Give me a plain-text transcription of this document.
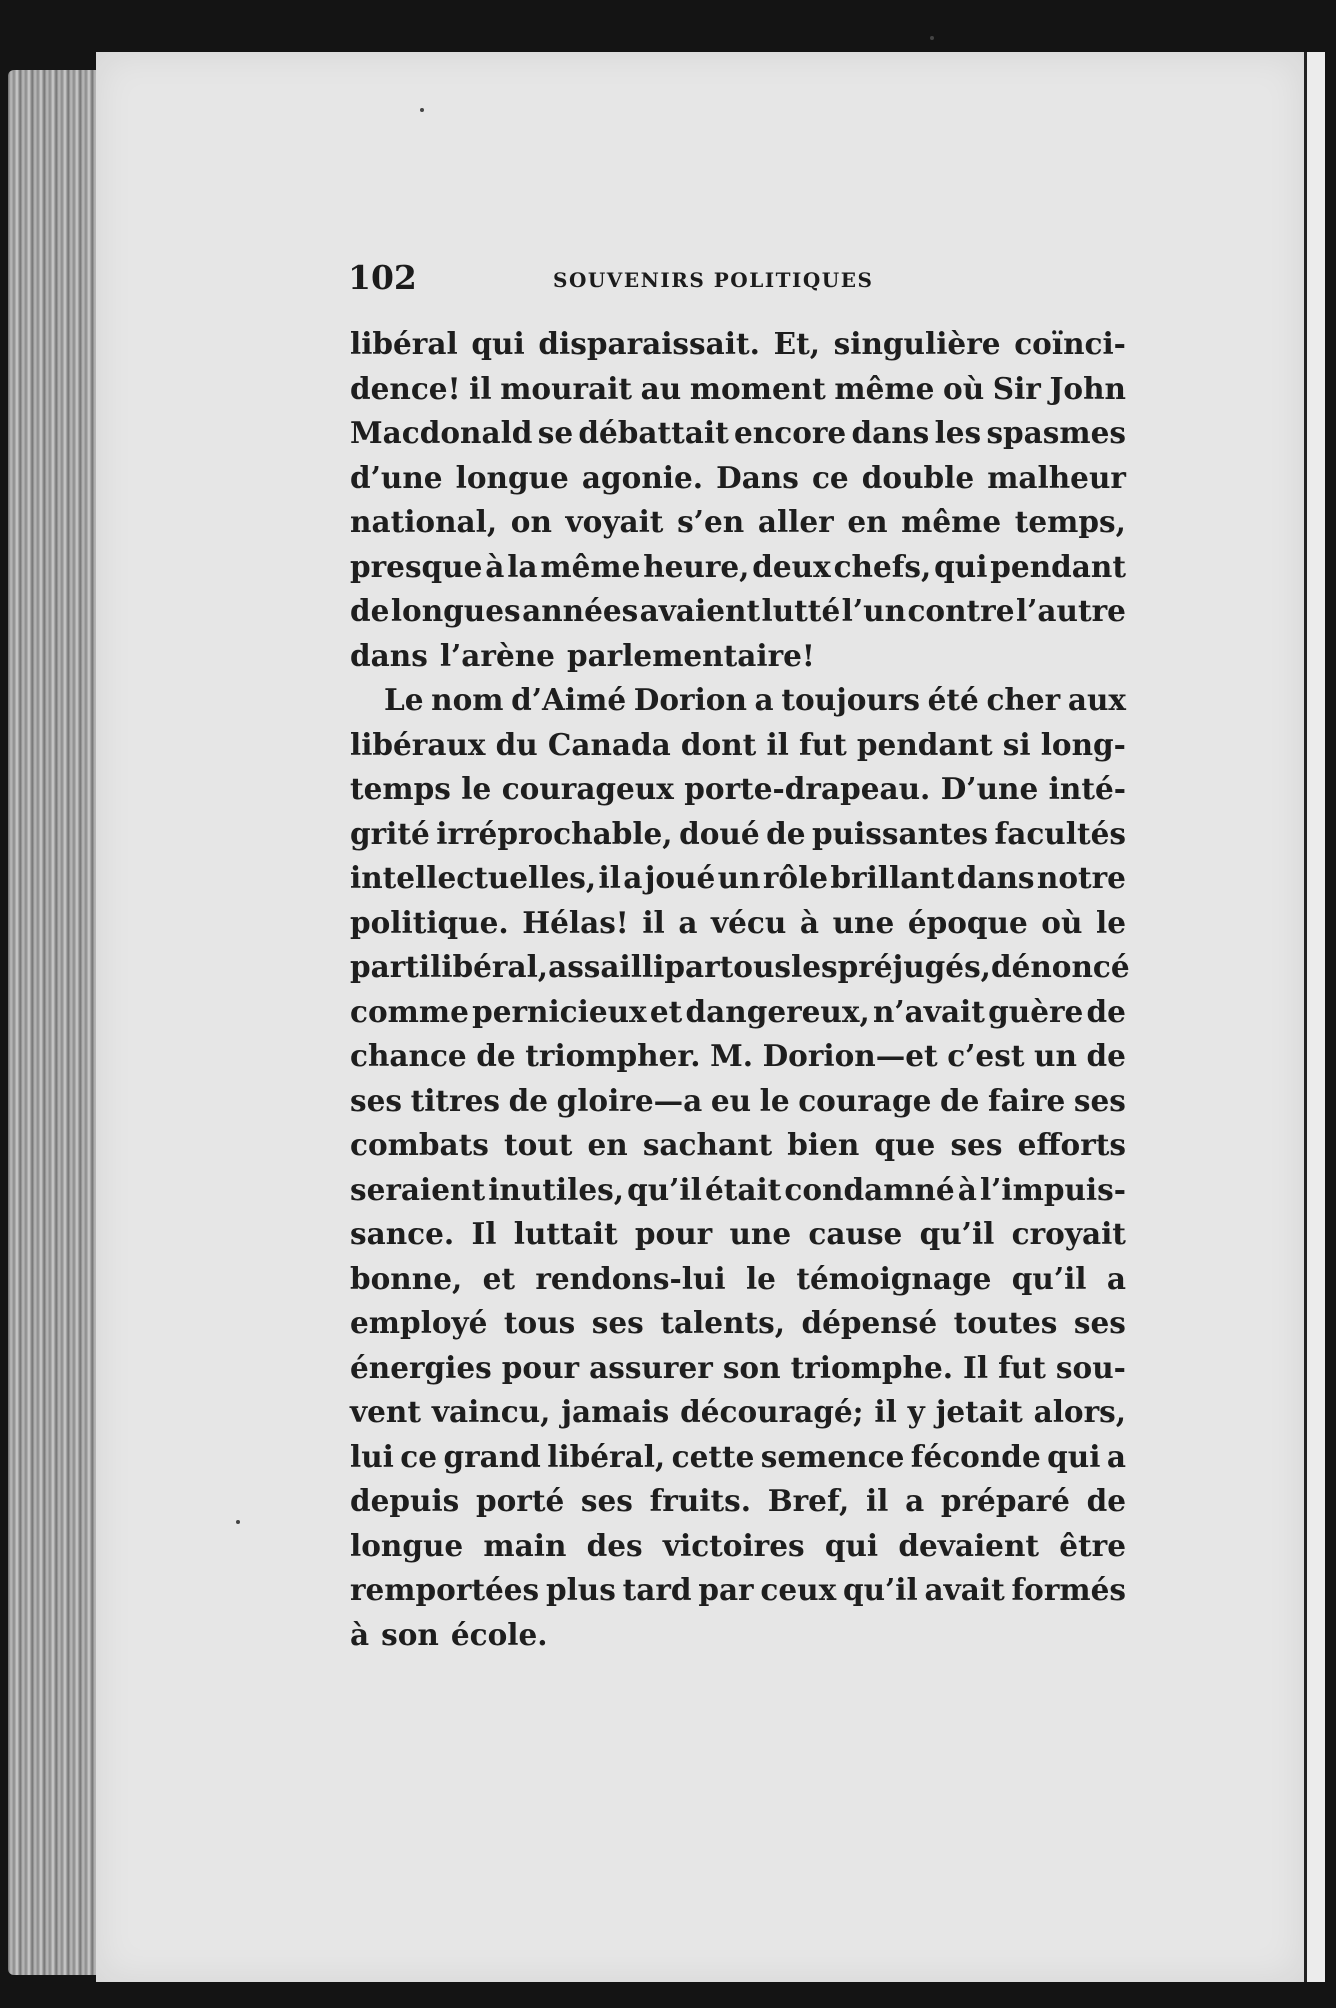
102	SOUVENIRS POLITIQUES
libéral qui disparaissait. Et, singulière coïnci-
dence! il mourait au moment même où Sir John
Macdonald se débattait encore dans les spasmes
d’une longue agonie. Dans ce double malheur
national, on voyait s’en aller en même temps,
presque à la même heure, deux chefs, qui pendant
de longues années avaient lutté l’un contre l’autre
dans l’arène parlementaire!
Le nom d’Aimé Dorion a toujours été cher aux
libéraux du Canada dont il fut pendant si long-
temps le courageux porte-drapeau. D’une inté-
grité irréprochable, doué de puissantes facultés
intellectuelles, il a joué un rôle brillant dans notre
politique. Hélas! il a vécu à une époque où le
parti libéral, assailli par tous les préjugés, dénoncé
comme pernicieux et dangereux, n’avait guère de
chance de triompher. M. Dorion—et c’est un de
ses titres de gloire—a eu le courage de faire ses
combats tout en sachant bien que ses efforts
seraient inutiles, qu’il était condamné à l’impuis-
sance. Il luttait pour une cause qu’il croyait
bonne, et rendons-lui le témoignage qu’il a
employé tous ses talents, dépensé toutes ses
énergies pour assurer son triomphe. Il fut sou-
vent vaincu, jamais découragé; il y jetait alors,
lui ce grand libéral, cette semence féconde qui a
depuis porté ses fruits. Bref, il a préparé de
longue main des victoires qui devaient être
remportées plus tard par ceux qu’il avait formés
à son école.
